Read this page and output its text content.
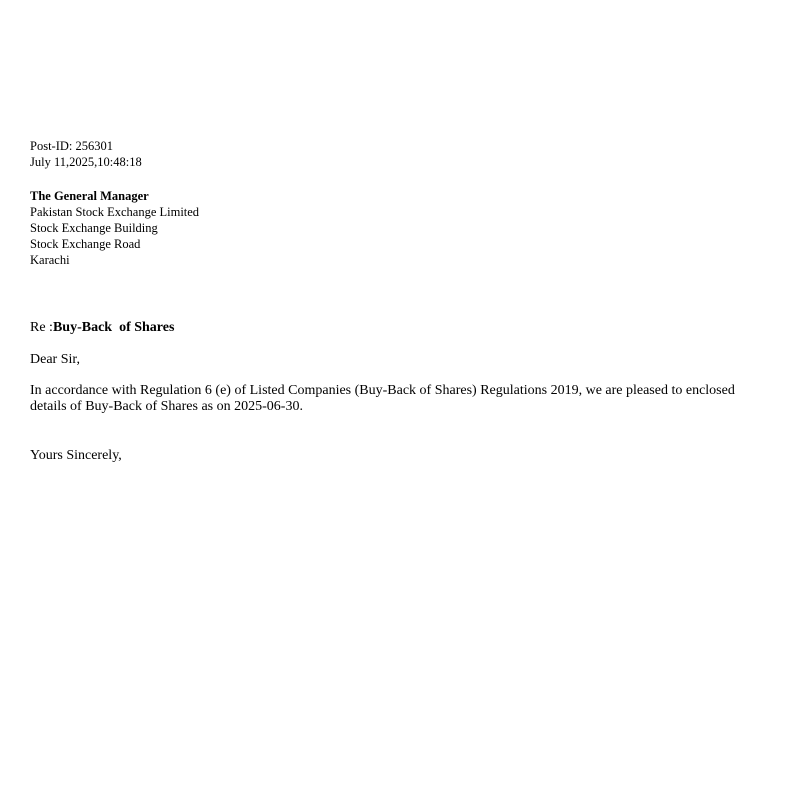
Post-ID: 256301

July 11,2025,10:48:18

The General Manager

Pakistan Stock Exchange Limited

Stock Exchange Building

Stock Exchange Road

Karachi

Re :Buy-Back  of Shares
Dear Sir,
In accordance with Regulation 6 (e) of Listed Companies (Buy-Back of Shares) Regulations 2019, we are pleased to enclosed details of Buy-Back of Shares as on 2025-06-30.
Yours Sincerely,
